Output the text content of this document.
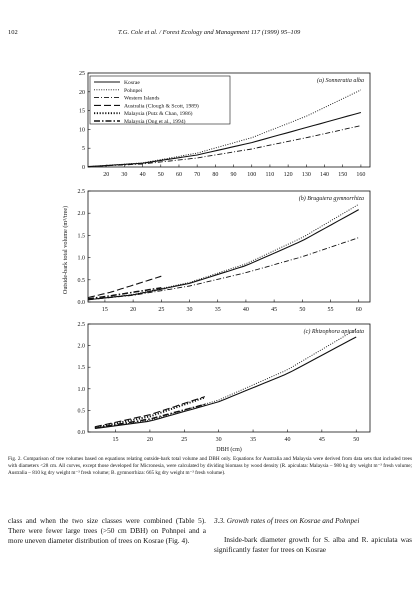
102	T.G. Cole et al. / Forest Ecology and Management 117 (1999) 95–109
20 30 40 50 60 70 80 90 100 110 120 130 140 150 160
0
5
10
15
20
25
(a) Sonneratia alba
15	20	25	30	35	40	45	50	55	60
0.0
0.5
1.0
1.5
2.0
2.5
(b) Bruguiera gymnorrhiza
15	20	25	30	35	40	45	50
0.0
0.5
1.0
1.5
2.0
2.5
(c) Rhizophora apiculata
DBH (cm)
Outside-bark total volume (m³/tree)
Kosrae
Pohnpei
Western Islands
Australia (Clough & Scott, 1989)
Malaysia (Putz & Chan, 1986)
Malaysia (Ong et al., 1994)
Fig. 2. Comparison of tree volumes based on equations relating outside-bark total volume and DBH only. Equations for Australia and Malaysia were derived from data sets that included trees with diameters <28 cm. All curves, except those developed for Micronesia, were calculated by dividing biomass by wood density (R. apiculata: Malaysia – 980 kg dry weight m⁻³ fresh volume; Australia – 810 kg dry weight m⁻³ fresh volume; B. gymnorrhiza: 665 kg dry weight m⁻³ fresh volume).

class and when the two size classes were combined (Table 5). There were fewer large trees (>50 cm DBH) on Pohnpei and a more uneven diameter distribution of trees on Kosrae (Fig. 4).

3.3. Growth rates of trees on Kosrae and Pohnpei

Inside-bark diameter growth for S. alba and R. apiculata was significantly faster for trees on Kosrae
